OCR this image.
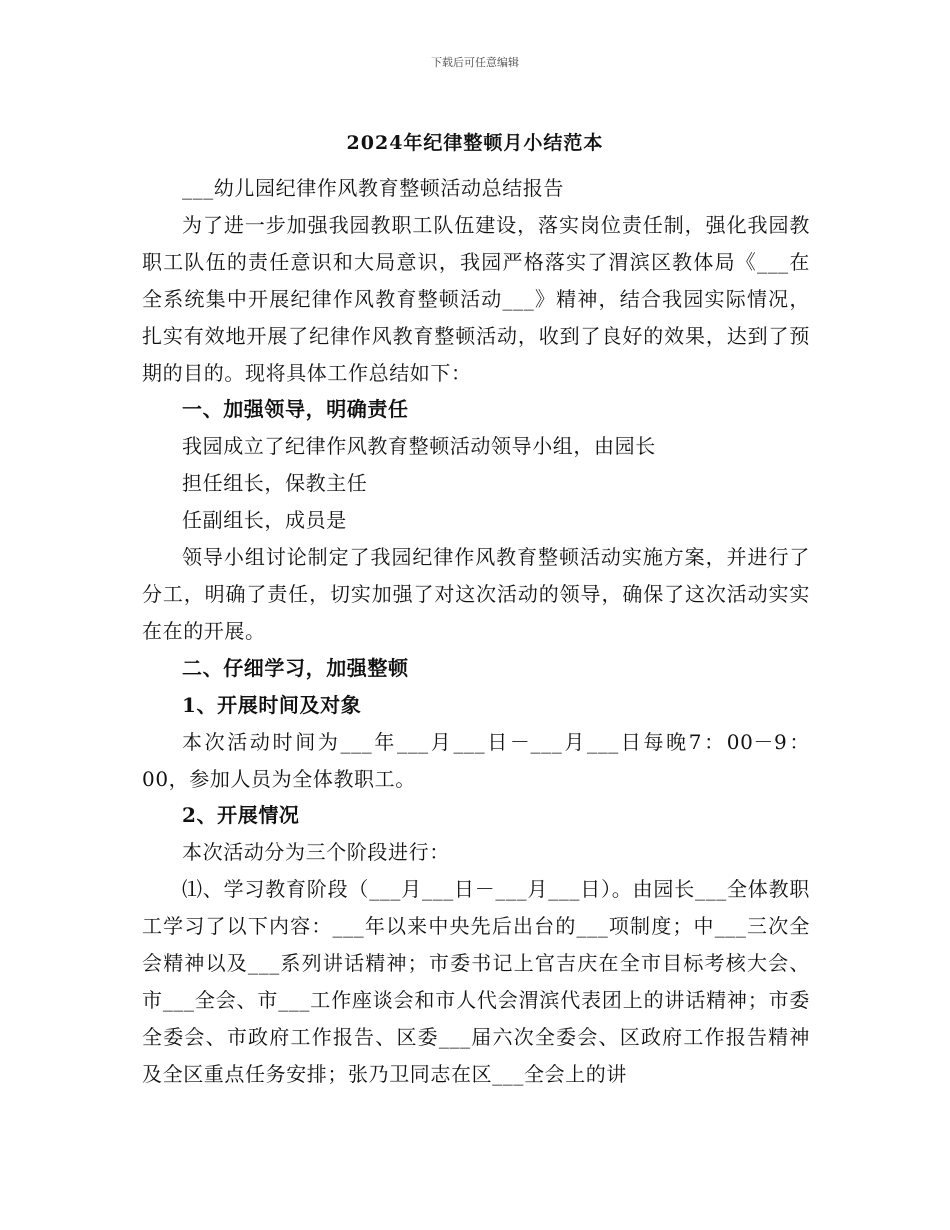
下载后可任意编辑
2024年纪律整顿月小结范本

___幼儿园纪律作风教育整顿活动总结报告

为了进一步加强我园教职工队伍建设，落实岗位责任制，强化我园教职工队伍的责任意识和大局意识，我园严格落实了渭滨区教体局《___在全系统集中开展纪律作风教育整顿活动___》精神，结合我园实际情况，扎实有效地开展了纪律作风教育整顿活动，收到了良好的效果，达到了预期的目的。现将具体工作总结如下：

一、加强领导，明确责任

我园成立了纪律作风教育整顿活动领导小组，由园长

担任组长，保教主任

任副组长，成员是

领导小组讨论制定了我园纪律作风教育整顿活动实施方案，并进行了分工，明确了责任，切实加强了对这次活动的领导，确保了这次活动实实在在的开展。

二、仔细学习，加强整顿

1、开展时间及对象

本次活动时间为___年___月___日－___月___日每晚7：00－9：00，参加人员为全体教职工。

2、开展情况

本次活动分为三个阶段进行：

⑴、学习教育阶段（___月___日－___月___日）。由园长___全体教职工学习了以下内容：___年以来中央先后出台的___项制度；中___三次全会精神以及___系列讲话精神；市委书记上官吉庆在全市目标考核大会、市___全会、市___工作座谈会和市人代会渭滨代表团上的讲话精神；市委全委会、市政府工作报告、区委___届六次全委会、区政府工作报告精神及全区重点任务安排；张乃卫同志在区___全会上的讲
